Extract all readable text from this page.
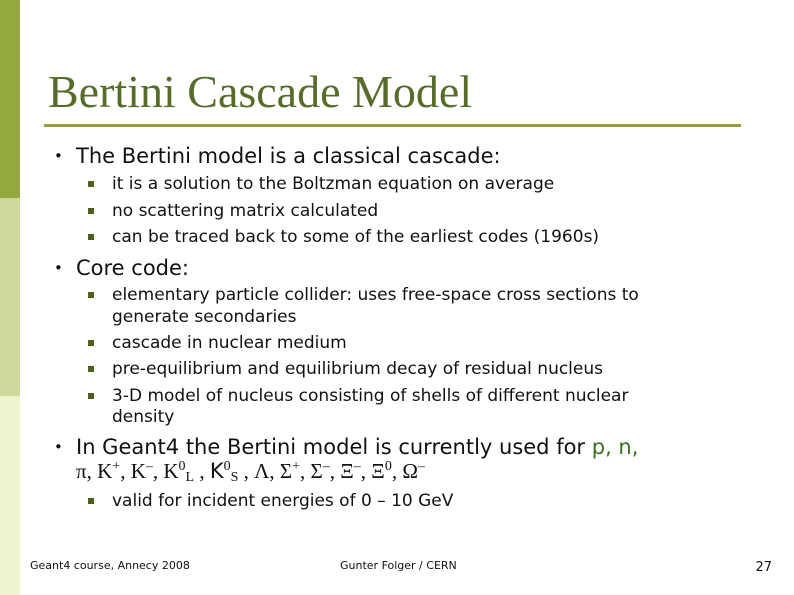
Bertini Cascade Model
• The Bertini model is a classical cascade:
it is a solution to the Boltzman equation on average
no scattering matrix calculated
can be traced back to some of the earliest codes (1960s)
• Core code:
elementary particle collider: uses free-space cross sections to
generate secondaries
cascade in nuclear medium
pre-equilibrium and equilibrium decay of residual nucleus
3-D model of nucleus consisting of shells of different nuclear
density
• In Geant4 the Bertini model is currently used for p, n,
π, K+, K–, $K^0_L$ , $K^0_S$ , Λ, Σ+, Σ–, Ξ–, $\Xi^0$, Ω–
valid for incident energies of 0 – 10 GeV
Geant4 course, Annecy 2008	Gunter Folger / CERN	27
